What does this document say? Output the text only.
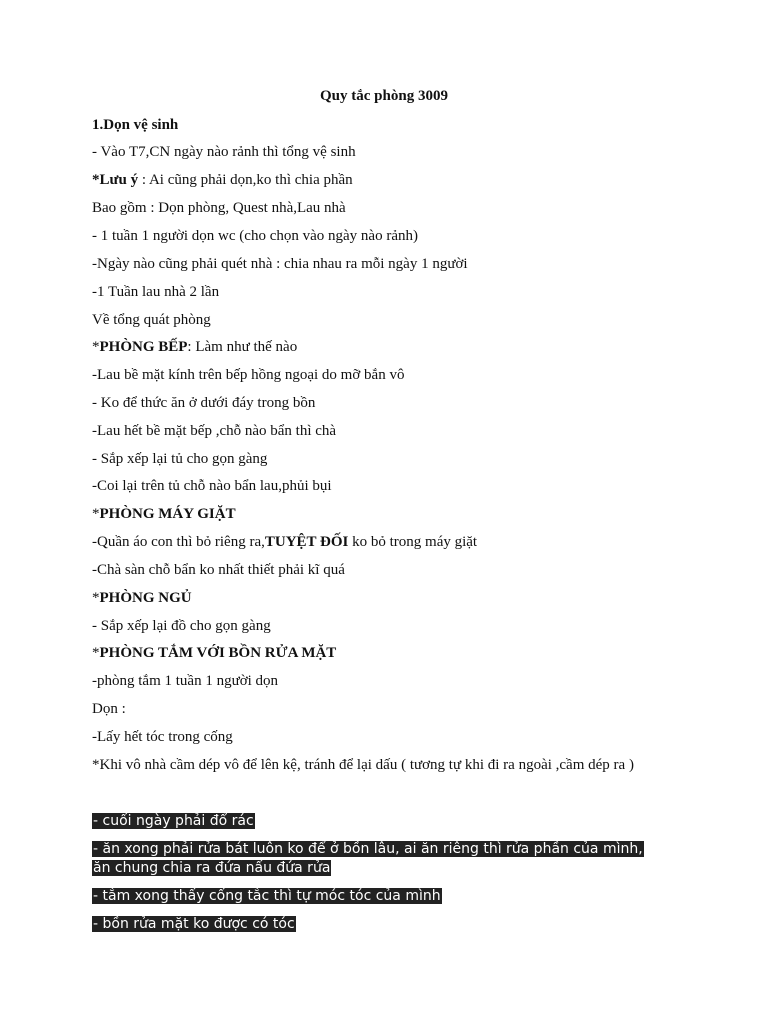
Quy tắc phòng 3009
1.Dọn vệ sinh
- Vào T7,CN ngày nào rảnh thì tổng vệ sinh
*Lưu ý : Ai cũng phải dọn,ko thì chia phần
Bao gồm : Dọn phòng, Quest nhà,Lau nhà
- 1 tuần 1 người dọn wc (cho chọn vào ngày nào rảnh)
-Ngày nào cũng phải quét nhà : chia nhau ra mỗi ngày 1 người
-1 Tuần lau nhà 2 lần
Về tổng quát phòng
*PHÒNG BẾP: Làm như thế nào
-Lau bề mặt kính trên bếp hồng ngoại do mỡ bắn vô
- Ko để thức ăn ở dưới đáy trong bồn
-Lau hết bề mặt bếp ,chỗ nào bẩn thì chà
- Sắp xếp lại tủ cho gọn gàng
-Coi lại trên tủ chỗ nào bẩn lau,phủi bụi
*PHÒNG MÁY GIẶT
-Quần áo con thì bỏ riêng ra,TUYỆT ĐỐI ko bỏ trong máy giặt
-Chà sàn chỗ bẩn ko nhất thiết phải kĩ quá
*PHÒNG NGỦ
- Sắp xếp lại đồ cho gọn gàng
*PHÒNG TẮM VỚI BỒN RỬA MẶT
-phòng tắm 1 tuần 1 người dọn
Dọn :
-Lấy hết tóc trong cống
*Khi vô nhà cầm dép vô để lên kệ, tránh để lại dấu ( tương tự khi đi ra ngoài ,cầm dép ra )
- cuối ngày phải đổ rác
- ăn xong phải rửa bát luôn ko để ở bồn lâu, ai ăn riêng thì rửa phần của mình,
ăn chung chia ra đứa nấu đứa rửa
- tắm xong thấy cống tắc thì tự móc tóc của mình
- bồn rửa mặt ko được có tóc
